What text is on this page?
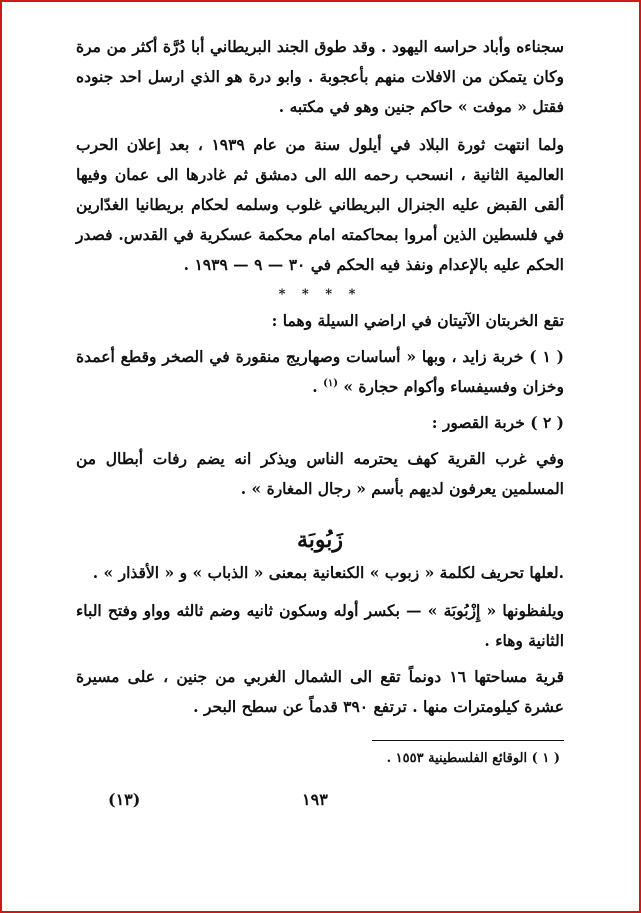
سجناءه وأباد حراسه اليهود . وقد طوق الجند البريطاني أبا دُرَّة أكثر من مرة وكان يتمكن من الافلات منهم بأعجوبة . وابو درة هو الذي ارسل احد جنوده فقتل « موفت » حاكم جنين وهو في مكتبه .

ولما انتهت ثورة البلاد في أيلول سنة من عام ١٩٣٩ ، بعد إعلان الحرب العالمية الثانية ، انسحب رحمه الله الى دمشق ثم غادرها الى عمان وفيها ألقى القبض عليه الجنرال البريطاني غلوب وسلمه لحكام بريطانيا الغدّارين في فلسطين الذين أمروا بمحاكمته امام محكمة عسكرية في القدس. فصدر الحكم عليه بالإعدام ونفذ فيه الحكم في ٣٠ — ٩ — ١٩٣٩ .

* * * *

تقع الخربتان الآتيتان في اراضي السيلة وهما :

( ١ ) خربة زايد ، وبها « أساسات وصهاريج منقورة في الصخر وقطع أعمدة وخزان وفسيفساء وأكوام حجارة » $^{(١)}$ .

( ٢ ) خربة القصور :

وفي غرب القرية كهف يحترمه الناس ويذكر انه يضم رفات أبطال من المسلمين يعرفون لديهم بأسم « رجال المغارة » .

زَبُوبَة

.لعلها تحريف لكلمة « زبوب » الكنعانية بمعنى « الذباب » و « الأقذار » .

ويلفظونها « إِزْبُوبَة » — بكسر أوله وسكون ثانيه وضم ثالثه وواو وفتح الباء الثانية وهاء .

قرية مساحتها ١٦ دونماً تقع الى الشمال الغربي من جنين ، على مسيرة عشرة كيلومترات منها . ترتفع ٣٩٠ قدماً عن سطح البحر .

( ١ ) الوقائع الفلسطينية ١٥٥٣ .
١٩٣
(١٣)
